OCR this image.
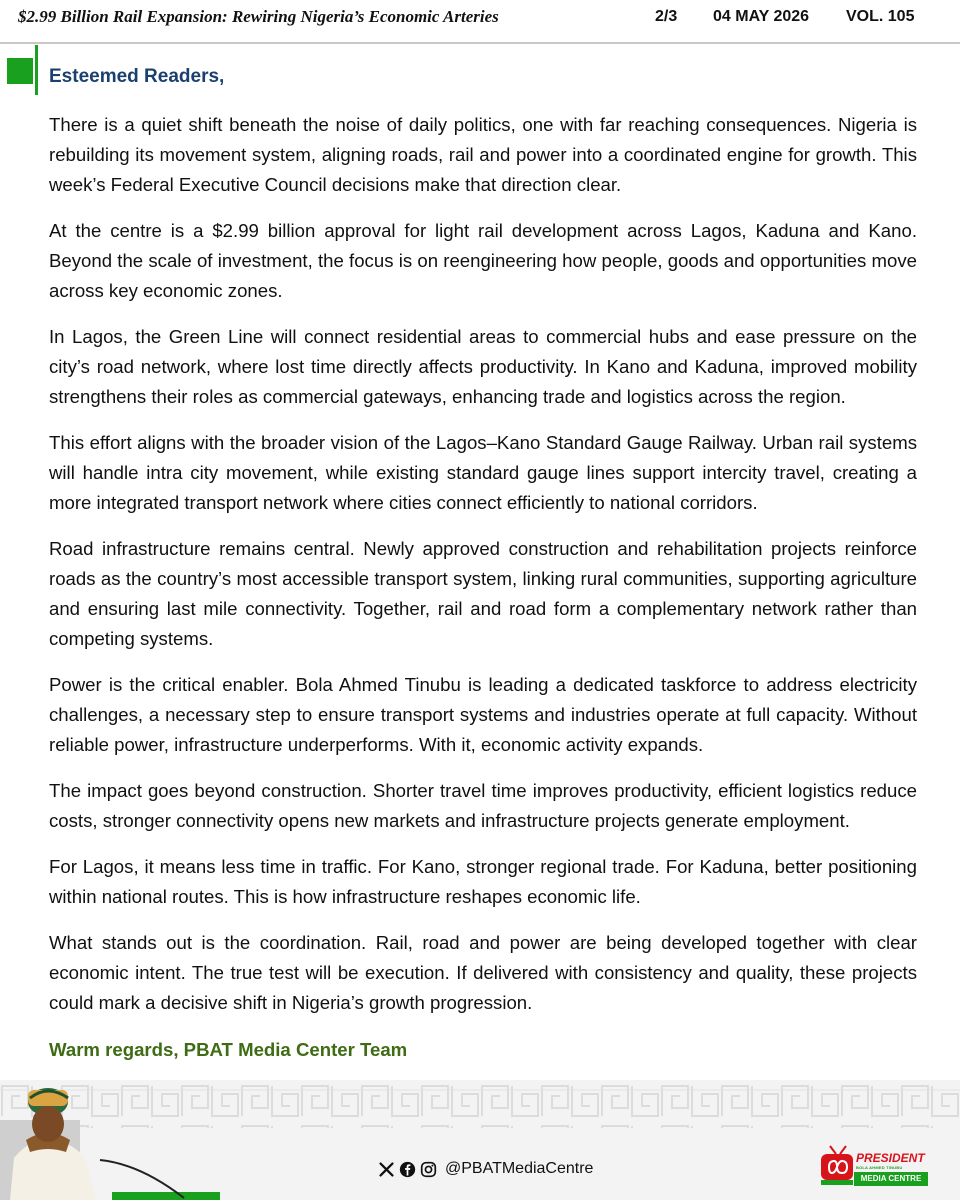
$2.99 Billion Rail Expansion: Rewiring Nigeria’s Economic Arteries	2/3 04 MAY 2026 VOL. 105
Esteemed Readers,

There is a quiet shift beneath the noise of daily politics, one with far reaching consequences. Nigeria is rebuilding its movement system, aligning roads, rail and power into a coordinated engine for growth. This week’s Federal Executive Council decisions make that direction clear.

At the centre is a $2.99 billion approval for light rail development across Lagos, Kaduna and Kano. Beyond the scale of investment, the focus is on reengineering how people, goods and opportunities move across key economic zones.

In Lagos, the Green Line will connect residential areas to commercial hubs and ease pressure on the city’s road network, where lost time directly affects productivity. In Kano and Kaduna, improved mobility strengthens their roles as commercial gateways, enhancing trade and logistics across the region.

This effort aligns with the broader vision of the Lagos–Kano Standard Gauge Railway. Urban rail systems will handle intra city movement, while existing standard gauge lines support intercity travel, creating a more integrated transport network where cities connect efficiently to national corridors.

Road infrastructure remains central. Newly approved construction and rehabilitation projects reinforce roads as the country’s most accessible transport system, linking rural communities, supporting agriculture and ensuring last mile connectivity. Together, rail and road form a complementary network rather than competing systems.

Power is the critical enabler. Bola Ahmed Tinubu is leading a dedicated taskforce to address electricity challenges, a necessary step to ensure transport systems and industries operate at full capacity. Without reliable power, infrastructure underperforms. With it, economic activity expands.

The impact goes beyond construction. Shorter travel time improves productivity, efficient logistics reduce costs, stronger connectivity opens new markets and infrastructure projects generate employment.

For Lagos, it means less time in traffic. For Kano, stronger regional trade. For Kaduna, better positioning within national routes. This is how infrastructure reshapes economic life.

What stands out is the coordination. Rail, road and power are being developed together with clear economic intent. The true test will be execution. If delivered with consistency and quality, these projects could mark a decisive shift in Nigeria’s growth progression.

Warm regards, PBAT Media Center Team
@PBATMediaCentre
PRESIDENT
BOLA AHMED TINUBU
MEDIA CENTRE
